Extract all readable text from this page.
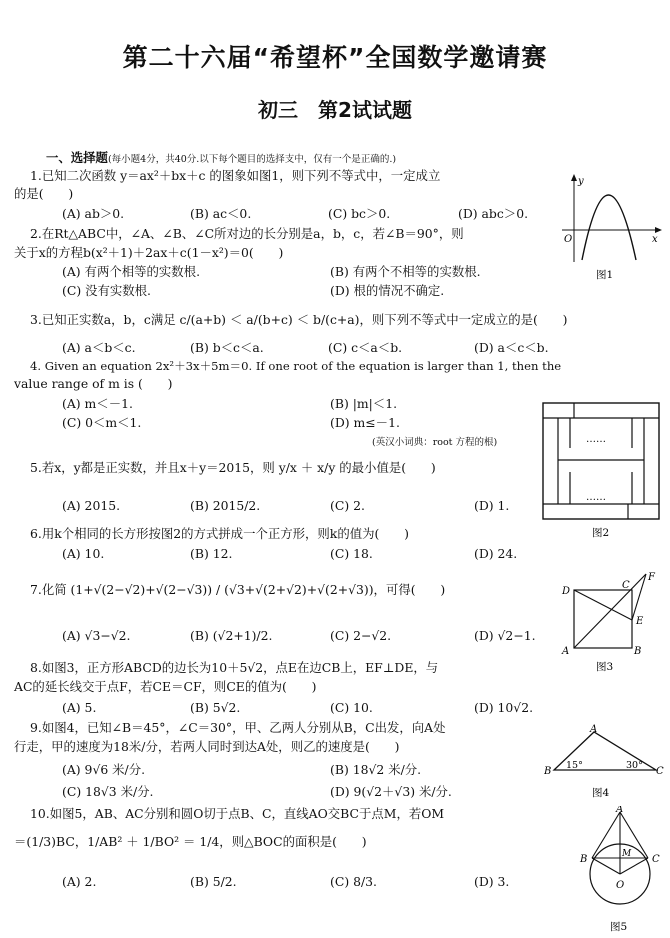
第二十六届“希望杯”全国数学邀请赛
初三　第2试试题
一、选择题(每小题4分，共40分.以下每个题目的选择支中，仅有一个是正确的.)
1.已知二次函数 y＝ax²＋bx＋c 的图象如图1，则下列不等式中，一定成立
的是(　　)
(A) ab＞0.	(B) ac＜0.	(C) bc＞0.	(D) abc＞0.
2.在Rt△ABC中，∠A、∠B、∠C所对边的长分别是a，b，c，若∠B＝90°，则
关于x的方程b(x²＋1)＋2ax＋c(1－x²)＝0(　　)
(A) 有两个相等的实数根.	(B) 有两个不相等的实数根.
(C) 没有实数根.	(D) 根的情况不确定.
3.已知正实数a，b，c满足 c/(a+b) ＜ a/(b+c) ＜ b/(c+a)，则下列不等式中一定成立的是(　　)
(A) a＜b＜c.	(B) b＜c＜a.	(C) c＜a＜b.	(D) a＜c＜b.
4. Given an equation 2x²＋3x＋5m＝0. If one root of the equation is larger than 1, then the
value range of m is (　　)
(A) m＜－1.	(B) |m|＜1.
(C) 0＜m＜1.	(D) m≤－1.
(英汉小词典：root 方程的根)
5.若x，y都是正实数，并且x＋y＝2015，则 y/x ＋ x/y 的最小值是(　　)
(A) 2015.	(B) 2015/2.	(C) 2.	(D) 1.
6.用k个相同的长方形按图2的方式拼成一个正方形，则k的值为(　　)
(A) 10.	(B) 12.	(C) 18.	(D) 24.
7.化简 (1+√(2−√2)+√(2−√3)) / (√3+√(2+√2)+√(2+√3))，可得(　　)
(A) √3−√2.	(B) (√2+1)/2.	(C) 2−√2.	(D) √2−1.
8.如图3，正方形ABCD的边长为10＋5√2，点E在边CB上，EF⊥DE，与
AC的延长线交于点F，若CE＝CF，则CE的值为(　　)
(A) 5.	(B) 5√2.	(C) 10.	(D) 10√2.
9.如图4，已知∠B＝45°，∠C＝30°，甲、乙两人分别从B，C出发，向A处
行走，甲的速度为18米/分，若两人同时到达A处，则乙的速度是(　　)
(A) 9√6 米/分.	(B) 18√2 米/分.
(C) 18√3 米/分.	(D) 9(√2＋√3) 米/分.
10.如图5，AB、AC分别和圆O切于点B、C，直线AO交BC于点M，若OM
＝(1/3)BC，1/AB² ＋ 1/BO² ＝ 1/4，则△BOC的面积是(　　)
(A) 2.	(B) 5/2.	(C) 8/3.	(D) 3.
y
O	x
图1
……
……
图2
D
C
F
E
A	B
图3
A
B
15°	30°
C
图4
A
B	M C
O
图5
